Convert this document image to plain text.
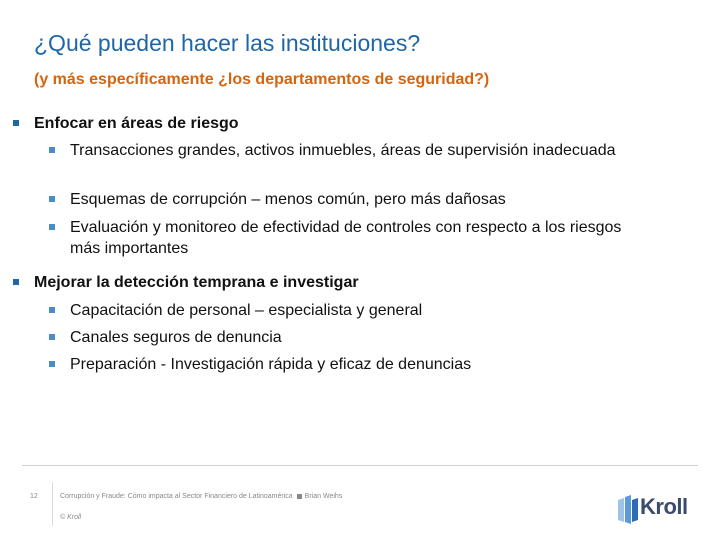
¿Qué pueden hacer las instituciones?
(y más específicamente ¿los departamentos de seguridad?)
Enfocar en áreas de riesgo
Transacciones grandes, activos inmuebles, áreas de supervisión inadecuada
Esquemas de corrupción – menos común, pero más dañosas
Evaluación y monitoreo de efectividad de controles con respecto a los riesgos más importantes
Mejorar la detección temprana e investigar
Capacitación de personal – especialista y general
Canales seguros de denuncia
Preparación - Investigación rápida y eficaz de denuncias
12	Corrupción y Fraude: Cómo impacta al Sector Financiero de Latinoamérica Brian Weihs
© Kroll	Kroll
